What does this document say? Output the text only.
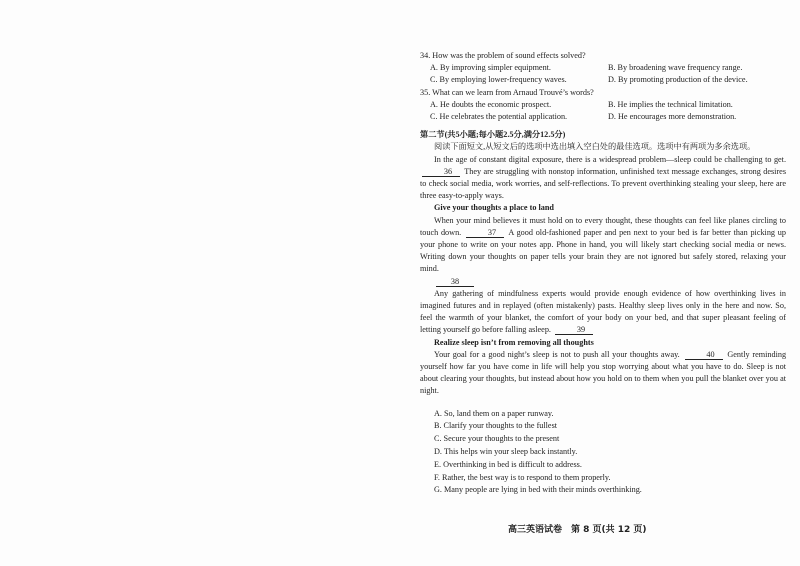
34. How was the problem of sound effects solved?

A. By improving simpler equipment.	B. By broadening wave frequency range.
C. By employing lower-frequency waves.	D. By promoting production of the device.

35. What can we learn from Arnaud Trouvé’s words?

A. He doubts the economic prospect.	B. He implies the technical limitation.
C. He celebrates the potential application.	D. He encourages more demonstration.

第二节(共5小题;每小题2.5分,满分12.5分)

阅读下面短文,从短文后的选项中选出填入空白处的最佳选项。选项中有两项为多余选项。

In the age of constant digital exposure, there is a widespread problem—sleep could be challenging to get. 36 They are struggling with nonstop information, unfinished text message exchanges, strong desires to check social media, work worries, and self-reflections. To prevent overthinking stealing your sleep, here are three easy-to-apply ways.

Give your thoughts a place to land

When your mind believes it must hold on to every thought, these thoughts can feel like planes circling to touch down.	37 A good old-fashioned paper and pen next to your bed is far better than picking up your phone to write on your notes app. Phone in hand, you will likely start checking social media or news. Writing down your thoughts on paper tells your brain they are not ignored but safely stored, relaxing your mind.

38

Any gathering of mindfulness experts would provide enough evidence of how overthinking lives in imagined futures and in replayed (often mistakenly) pasts. Healthy sleep lives only in the here and now. So, feel the warmth of your blanket, the comfort of your body on your bed, and that super pleasant feeling of letting yourself go before falling asleep.	39

Realize sleep isn’t from removing all thoughts

Your goal for a good night’s sleep is not to push all your thoughts away.	40 Gently reminding yourself how far you have come in life will help you stop worrying about what you have to do. Sleep is not about clearing your thoughts, but instead about how you hold on to them when you pull the blanket over you at night.

A. So, land them on a paper runway.
B. Clarify your thoughts to the fullest
C. Secure your thoughts to the present
D. This helps win your sleep back instantly.
E. Overthinking in bed is difficult to address.
F. Rather, the best way is to respond to them properly.
G. Many people are lying in bed with their minds overthinking.
高三英语试卷　第 8 页(共 12 页)
